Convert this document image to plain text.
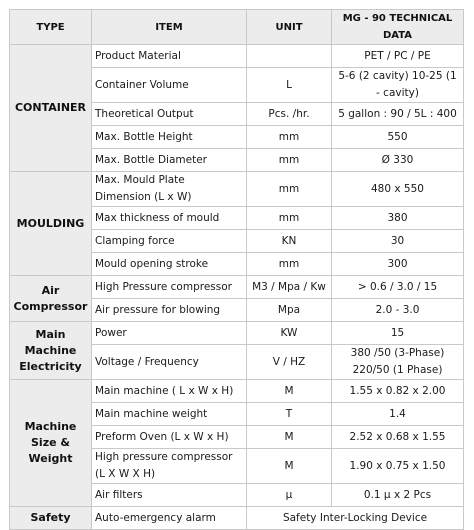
TYPE	ITEM	UNIT	MG - 90 TECHNICAL DATA
CONTAINER	Product Material		PET / PC / PE
	Container Volume	L	5-6 (2 cavity) 10-25 (1 - cavity)
	Theoretical Output	Pcs. /hr.	5 gallon : 90 / 5L : 400
	Max. Bottle Height	mm	550
	Max. Bottle Diameter	mm	Ø 330
MOULDING	Max. Mould Plate Dimension (L x W)	mm	480 x 550
	Max thickness of mould	mm	380
	Clamping force	KN	30
	Mould opening stroke	mm	300
Air Compressor	High Pressure compressor	M3 / Mpa / Kw	> 0.6 / 3.0 / 15
	Air pressure for blowing	Mpa	2.0 - 3.0
Main Machine Electricity	Power	KW	15
	Voltage / Frequency	V / HZ	380 /50 (3-Phase) 220/50 (1 Phase)
Machine Size & Weight	Main machine ( L x W x H)	M	1.55 x 0.82 x 2.00
	Main machine weight	T	1.4
	Preform Oven (L x W x H)	M	2.52 x 0.68 x 1.55
	High pressure compressor (L X W X H)	M	1.90 x 0.75 x 1.50
	Air filters	μ	0.1 μ x 2 Pcs
Safety	Auto-emergency alarm	Safety Inter-Locking Device	
